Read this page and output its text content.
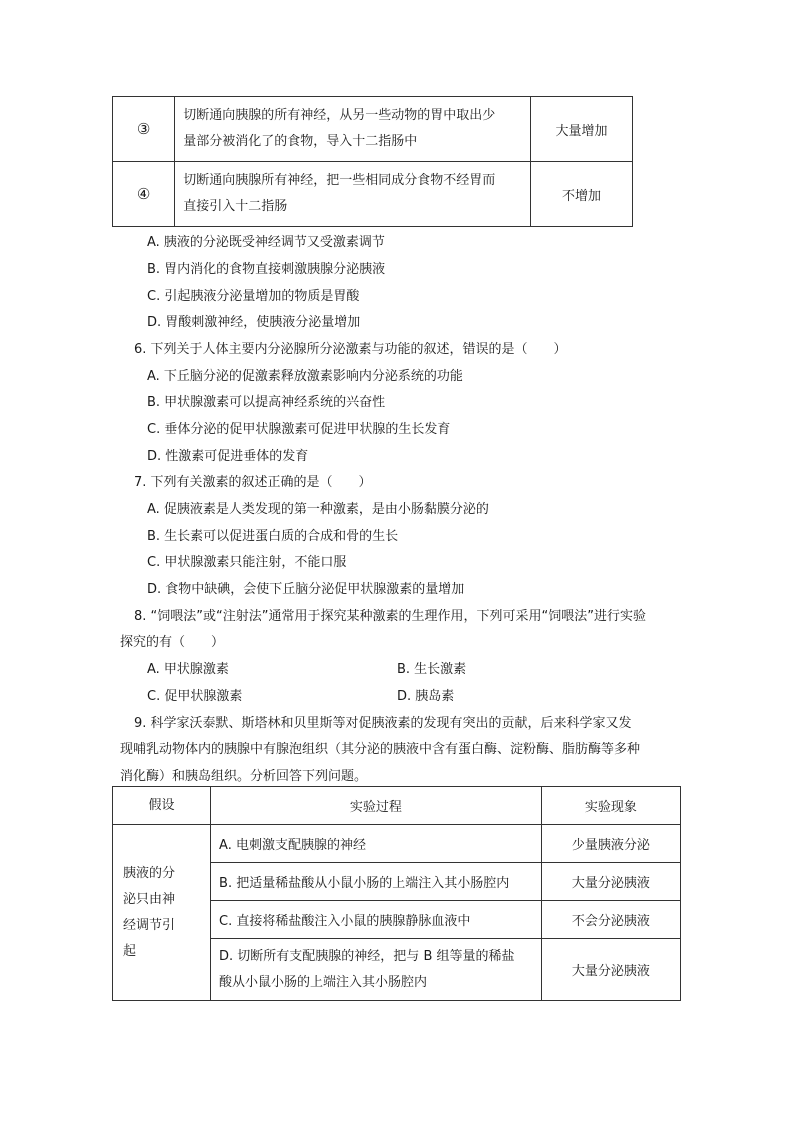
③	切断通向胰腺的所有神经，从另一些动物的胃中取出少
量部分被消化了的食物，导入十二指肠中	大量增加
④	切断通向胰腺所有神经，把一些相同成分食物不经胃而
直接引入十二指肠	不增加
A. 胰液的分泌既受神经调节又受激素调节
B. 胃内消化的食物直接刺激胰腺分泌胰液
C. 引起胰液分泌量增加的物质是胃酸
D. 胃酸刺激神经，使胰液分泌量增加
6. 下列关于人体主要内分泌腺所分泌激素与功能的叙述，错误的是（　　）
A. 下丘脑分泌的促激素释放激素影响内分泌系统的功能
B. 甲状腺激素可以提高神经系统的兴奋性
C. 垂体分泌的促甲状腺激素可促进甲状腺的生长发育
D. 性激素可促进垂体的发育
7. 下列有关激素的叙述正确的是（　　）
A. 促胰液素是人类发现的第一种激素，是由小肠黏膜分泌的
B. 生长素可以促进蛋白质的合成和骨的生长
C. 甲状腺激素只能注射，不能口服
D. 食物中缺碘，会使下丘脑分泌促甲状腺激素的量增加
8. “饲喂法”或“注射法”通常用于探究某种激素的生理作用，下列可采用“饲喂法”进行实验
探究的有（　　）
A. 甲状腺激素	B. 生长激素
C. 促甲状腺激素	D. 胰岛素
9. 科学家沃泰默、斯塔林和贝里斯等对促胰液素的发现有突出的贡献，后来科学家又发
现哺乳动物体内的胰腺中有腺泡组织（其分泌的胰液中含有蛋白酶、淀粉酶、脂肪酶等多种
消化酶）和胰岛组织。分析回答下列问题。
假设	实验过程	实验现象

胰液的分
泌只由神
经调节引
起	A. 电刺激支配胰腺的神经	少量胰液分泌
	B. 把适量稀盐酸从小鼠小肠的上端注入其小肠腔内	大量分泌胰液
	C. 直接将稀盐酸注入小鼠的胰腺静脉血液中	不会分泌胰液

	D. 切断所有支配胰腺的神经，把与 B 组等量的稀盐
酸从小鼠小肠的上端注入其小肠腔内	大量分泌胰液
